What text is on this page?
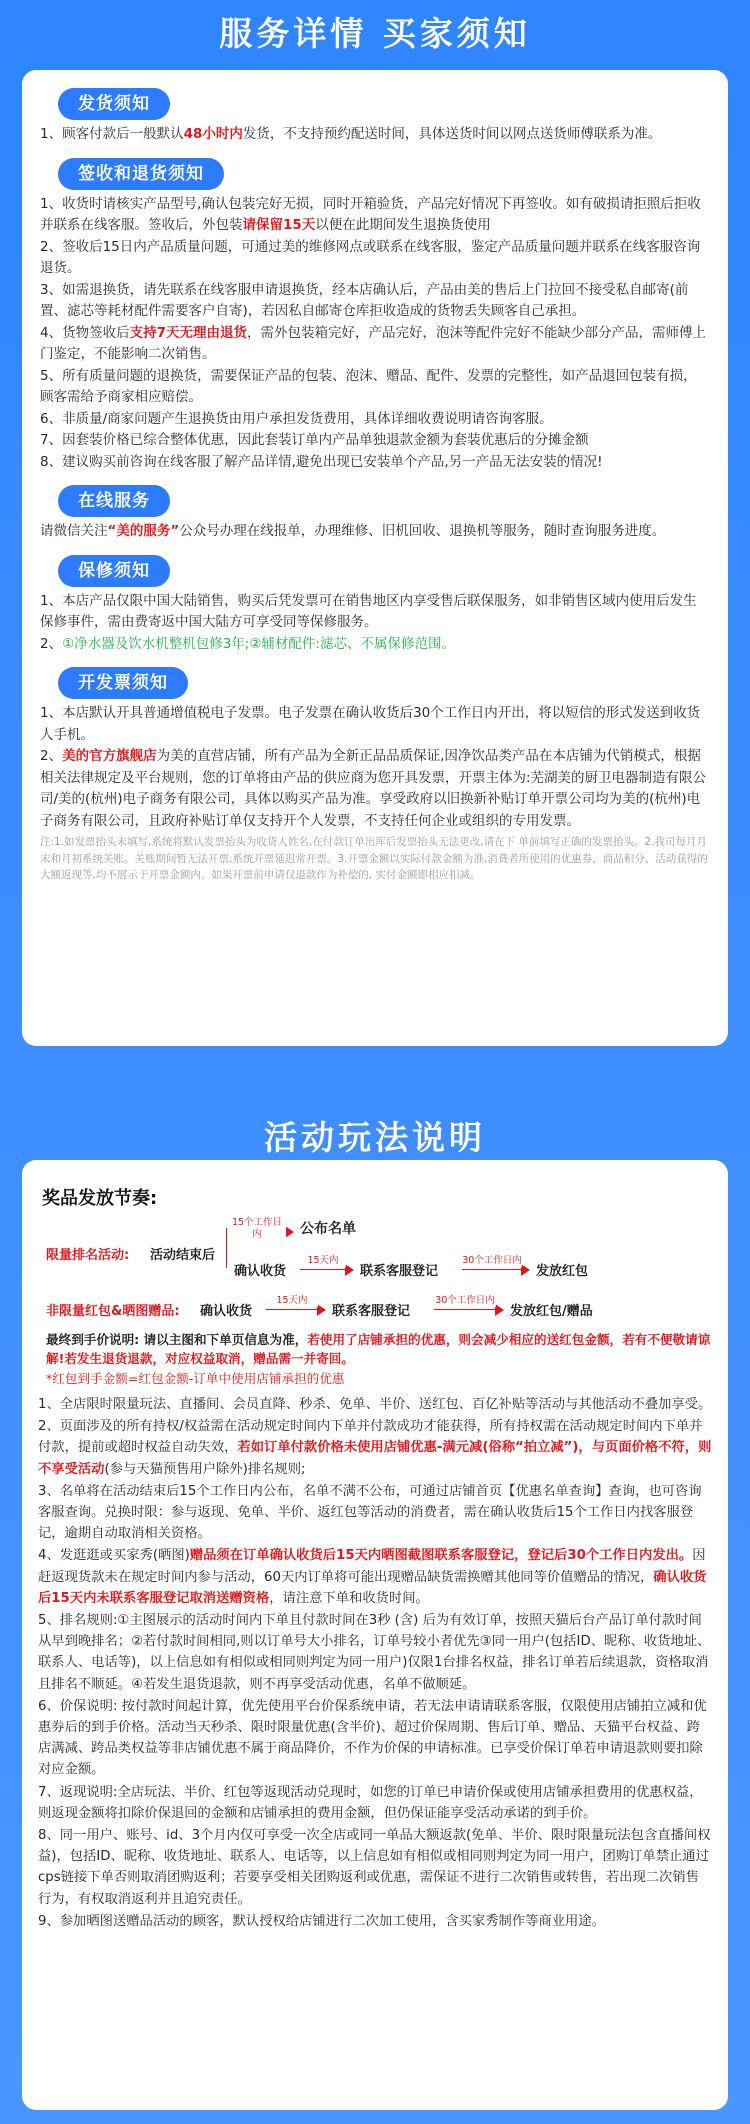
服务详情 买家须知
发货须知
1、顾客付款后一般默认48小时内发货，不支持预约配送时间，具体送货时间以网点送货师傅联系为准。
签收和退货须知
1、收货时请核实产品型号,确认包装完好无损，同时开箱验货，产品完好情况下再签收。如有破损请拒照后拒收并联系在线客服。签收后，外包装请保留15天以便在此期间发生退换货使用
2、签收后15日内产品质量问题，可通过美的维修网点或联系在线客服，鉴定产品质量问题并联系在线客服咨询退货。
3、如需退换货，请先联系在线客服申请退换货，经本店确认后，产品由美的售后上门拉回不接受私自邮寄(前置、滤芯等耗材配件需要客户自寄)，若因私自邮寄仓库拒收造成的货物丢失顾客自己承担。
4、货物签收后支持7天无理由退货，需外包装箱完好，产品完好，泡沫等配件完好不能缺少部分产品，需师傅上门鉴定，不能影响二次销售。
5、所有质量问题的退换货，需要保证产品的包装、泡沫、赠品、配件、发票的完整性，如产品退回包装有损，顾客需给予商家相应赔偿。
6、非质量/商家问题产生退换货由用户承担发货费用，具体详细收费说明请咨询客服。
7、因套装价格已综合整体优惠，因此套装订单内产品单独退款金额为套装优惠后的分摊金额
8、建议购买前咨询在线客服了解产品详情,避免出现已安装单个产品,另一产品无法安装的情况!
在线服务
请微信关注“美的服务”公众号办理在线报单，办理维修、旧机回收、退换机等服务，随时查询服务进度。
保修须知
1、本店产品仅限中国大陆销售，购买后凭发票可在销售地区内享受售后联保服务，如非销售区域内使用后发生保修事件，需由费寄返中国大陆方可享受同等保修服务。
2、①净水器及饮水机整机包修3年;②辅材配件:滤芯、不属保修范围。
开发票须知
1、本店默认开具普通增值税电子发票。电子发票在确认收货后30个工作日内开出，将以短信的形式发送到收货人手机。
2、美的官方旗舰店为美的直营店铺，所有产品为全新正品品质保证,因净饮品类产品在本店铺为代销模式，根据相关法律规定及平台规则，您的订单将由产品的供应商为您开具发票，开票主体为:芜湖美的厨卫电器制造有限公司/美的(杭州)电子商务有限公司，具体以购买产品为准。享受政府以旧换新补贴订单开票公司均为美的(杭州)电子商务有限公司，且政府补贴订单仅支持开个人发票，不支持任何企业或组织的专用发票。
注:1.如发票抬头未填写,系统将默认发票抬头为收货人姓名,在付款订单出库后发票抬头无法更改,请在下 单前填写正确的发票抬头。2.我司每月月末和月初系统关账。关账期间暂无法开票,系统开票延迟常开票。3.开票金额以实际付款金额为准,消费者所使用的优惠券、商品积分、活动获得的大额返现等,均不展示于开票金额内。如果开票前申请仅退款作为补偿的, 实付金额即相应扣减。
活动玩法说明
奖品发放节奏:
限量排名活动: 活动结束后
15个工作日内	公布名单
确认收货
15天内
联系客服登记
30个工作日内
发放红包
非限量红包&晒图赠品: 确认收货
15天内
联系客服登记
30个工作日内
发放红包/赠品
最终到手价说明: 请以主图和下单页信息为准，若使用了店铺承担的优惠，则会减少相应的送红包金额，若有不便敬请谅解!若发生退货退款，对应权益取消，赠品需一并寄回。
*红包到手金额=红包金额-订单中使用店铺承担的优惠
1、全店限时限量玩法、直播间、会员直降、秒杀、免单、半价、送红包、百亿补贴等活动与其他活动不叠加享受。
2、页面涉及的所有持权/权益需在活动规定时间内下单并付款成功才能获得，所有持权需在活动规定时间内下单并付款，提前或超时权益自动失效，若如订单付款价格未使用店铺优惠-满元减(俗称“拍立减”)，与页面价格不符，则不享受活动(参与天猫预售用户除外)排名规则;
3、名单将在活动结束后15个工作日内公布，名单不满不公布，可通过店铺首页【优惠名单查询】查询，也可咨询客服查询。兑换时限：参与返现、免单、半价、返红包等活动的消费者，需在确认收货后15个工作日内找客服登记，逾期自动取消相关资格。
4、发逛逛或买家秀(晒图)赠品须在订单确认收货后15天内晒图截图联系客服登记，登记后30个工作日内发出。因赶返现货款未在规定时间内参与活动，60天内订单将可能出现赠品缺货需换赠其他同等价值赠品的情况，确认收货后15天内未联系客服登记取消送赠资格，请注意下单和收货时间。
5、排名规则:①主图展示的活动时间内下单且付款时间在3秒 (含) 后为有效订单，按照天猫后台产品订单付款时间从早到晚排名；②若付款时间相同,则以订单号大小排名，订单号较小者优先③同一用户(包括ID、昵称、收货地址、联系人、电话等)，以上信息如有相似或相同则判定为同一用户)仅限1台排名权益，排名订单若后续退款，资格取消且排名不顺延。④若发生退货退款，则不再享受活动优惠，名单不做顺延。
6、价保说明: 按付款时间起计算，优先使用平台价保系统申请，若无法申请请联系客服，仅限使用店铺拍立减和优惠券后的到手价格。活动当天秒杀、限时限量优惠(含半价)、超过价保周期、售后订单、赠品、天猫平台权益、跨店满减、跨品类权益等非店铺优惠不属于商品降价，不作为价保的申请标准。已享受价保订单若申请退款则要扣除对应金额。
7、返现说明:全店玩法、半价、红包等返现活动兑现时，如您的订单已申请价保或使用店铺承担费用的优惠权益，则返现金额将扣除价保退回的金额和店铺承担的费用金额，但仍保证能享受活动承诺的到手价。
8、同一用户、账号、id、3个月内仅可享受一次全店或同一单品大额返款(免单、半价、限时限量玩法包含直播间权益)，包括ID、昵称、收货地址、联系人、电话等，以上信息如有相似或相同则判定为同一用户，团购订单禁止通过cps链接下单否则取消团购返利；若要享受相关团购返利或优惠，需保证不进行二次销售或转售，若出现二次销售行为，有权取消返利并且追究责任。
9、参加晒图送赠品活动的顾客，默认授权给店铺进行二次加工使用，含买家秀制作等商业用途。
